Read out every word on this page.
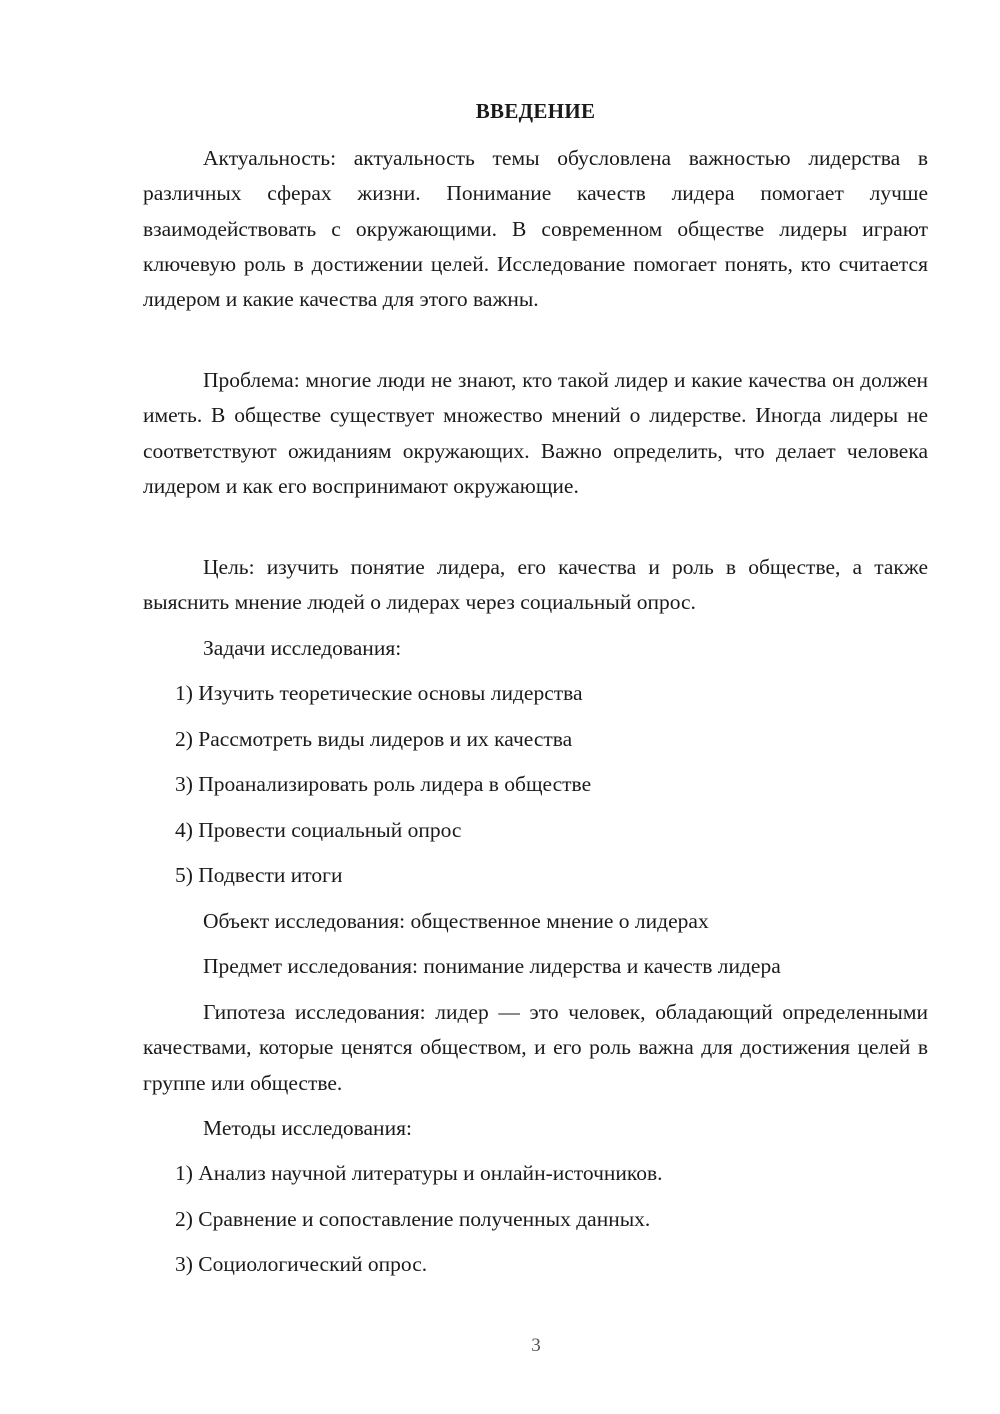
ВВЕДЕНИЕ

Актуальность: актуальность темы обусловлена важностью лидерства в различных сферах жизни. Понимание качеств лидера помогает лучше взаимодействовать с окружающими. В современном обществе лидеры играют ключевую роль в достижении целей. Исследование помогает понять, кто считается лидером и какие качества для этого важны.

Проблема: многие люди не знают, кто такой лидер и какие качества он должен иметь. В обществе существует множество мнений о лидерстве. Иногда лидеры не соответствуют ожиданиям окружающих. Важно определить, что делает человека лидером и как его воспринимают окружающие.

Цель: изучить понятие лидера, его качества и роль в обществе, а также выяснить мнение людей о лидерах через социальный опрос.

Задачи исследования:

1) Изучить теоретические основы лидерства

2) Рассмотреть виды лидеров и их качества

3) Проанализировать роль лидера в обществе

4) Провести социальный опрос

5) Подвести итоги

Объект исследования: общественное мнение о лидерах

Предмет исследования: понимание лидерства и качеств лидера

Гипотеза исследования: лидер — это человек, обладающий определенными качествами, которые ценятся обществом, и его роль важна для достижения целей в группе или обществе.

Методы исследования:

1) Анализ научной литературы и онлайн-источников.

2) Сравнение и сопоставление полученных данных.

3) Социологический опрос.

3
